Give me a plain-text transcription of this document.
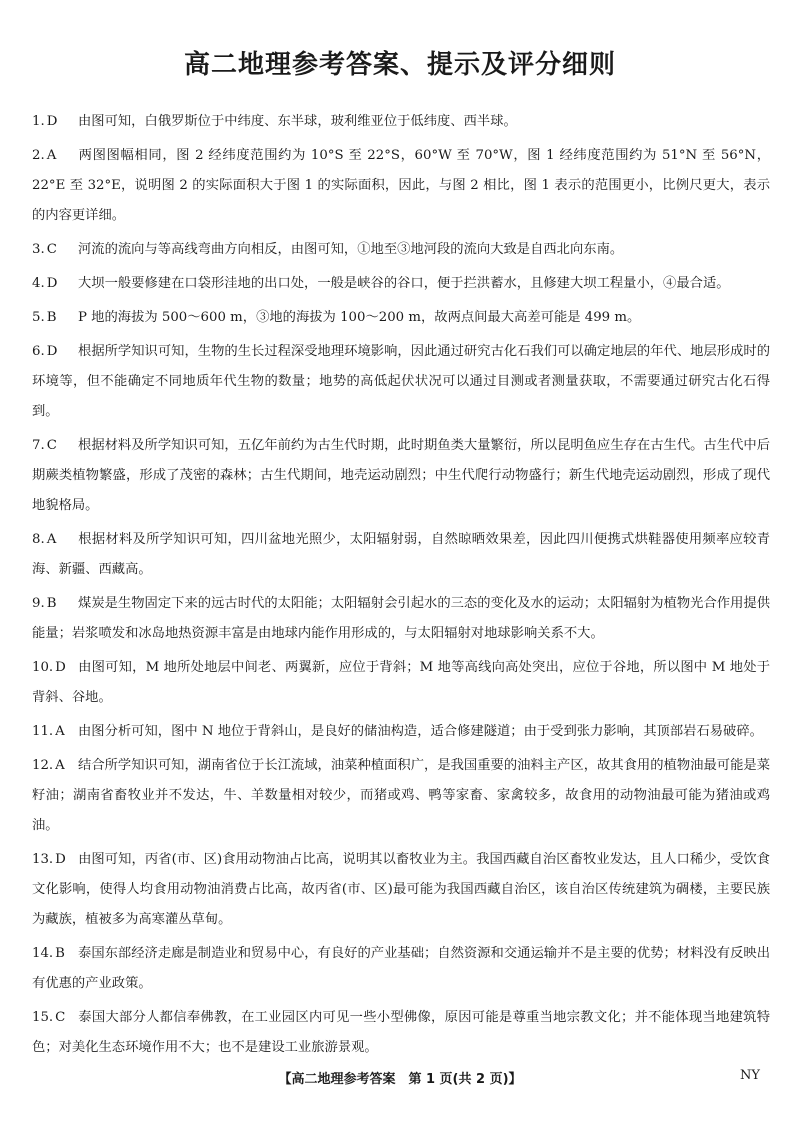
高二地理参考答案、提示及评分细则
1. D 由图可知，白俄罗斯位于中纬度、东半球，玻利维亚位于低纬度、西半球。
2. A 两图图幅相同，图 2 经纬度范围约为 10°S 至 22°S，60°W 至 70°W，图 1 经纬度范围约为 51°N 至 56°N，22°E 至 32°E，说明图 2 的实际面积大于图 1 的实际面积，因此，与图 2 相比，图 1 表示的范围更小，比例尺更大，表示的内容更详细。
3. C 河流的流向与等高线弯曲方向相反，由图可知，①地至③地河段的流向大致是自西北向东南。
4. D 大坝一般要修建在口袋形洼地的出口处，一般是峡谷的谷口，便于拦洪蓄水，且修建大坝工程量小，④最合适。
5. B P 地的海拔为 500～600 m，③地的海拔为 100～200 m，故两点间最大高差可能是 499 m。
6. D 根据所学知识可知，生物的生长过程深受地理环境影响，因此通过研究古化石我们可以确定地层的年代、地层形成时的环境等，但不能确定不同地质年代生物的数量；地势的高低起伏状况可以通过目测或者测量获取，不需要通过研究古化石得到。
7. C 根据材料及所学知识可知，五亿年前约为古生代时期，此时期鱼类大量繁衍，所以昆明鱼应生存在古生代。古生代中后期蕨类植物繁盛，形成了茂密的森林；古生代期间，地壳运动剧烈；中生代爬行动物盛行；新生代地壳运动剧烈，形成了现代地貌格局。
8. A 根据材料及所学知识可知，四川盆地光照少，太阳辐射弱，自然晾晒效果差，因此四川便携式烘鞋器使用频率应较青海、新疆、西藏高。
9. B 煤炭是生物固定下来的远古时代的太阳能；太阳辐射会引起水的三态的变化及水的运动；太阳辐射为植物光合作用提供能量；岩浆喷发和冰岛地热资源丰富是由地球内能作用形成的，与太阳辐射对地球影响关系不大。
10. D 由图可知，M 地所处地层中间老、两翼新，应位于背斜；M 地等高线向高处突出，应位于谷地，所以图中 M 地处于背斜、谷地。
11. A 由图分析可知，图中 N 地位于背斜山，是良好的储油构造，适合修建隧道；由于受到张力影响，其顶部岩石易破碎。
12. A 结合所学知识可知，湖南省位于长江流域，油菜种植面积广，是我国重要的油料主产区，故其食用的植物油最可能是菜籽油；湖南省畜牧业并不发达，牛、羊数量相对较少，而猪或鸡、鸭等家畜、家禽较多，故食用的动物油最可能为猪油或鸡油。
13. D 由图可知，丙省(市、区)食用动物油占比高，说明其以畜牧业为主。我国西藏自治区畜牧业发达，且人口稀少，受饮食文化影响，使得人均食用动物油消费占比高，故丙省(市、区)最可能为我国西藏自治区，该自治区传统建筑为碉楼，主要民族为藏族，植被多为高寒灌丛草甸。
14. B 泰国东部经济走廊是制造业和贸易中心，有良好的产业基础；自然资源和交通运输并不是主要的优势；材料没有反映出有优惠的产业政策。
15. C 泰国大部分人都信奉佛教，在工业园区内可见一些小型佛像，原因可能是尊重当地宗教文化；并不能体现当地建筑特色；对美化生态环境作用不大；也不是建设工业旅游景观。
【高二地理参考答案　第 1 页(共 2 页)】	NY
